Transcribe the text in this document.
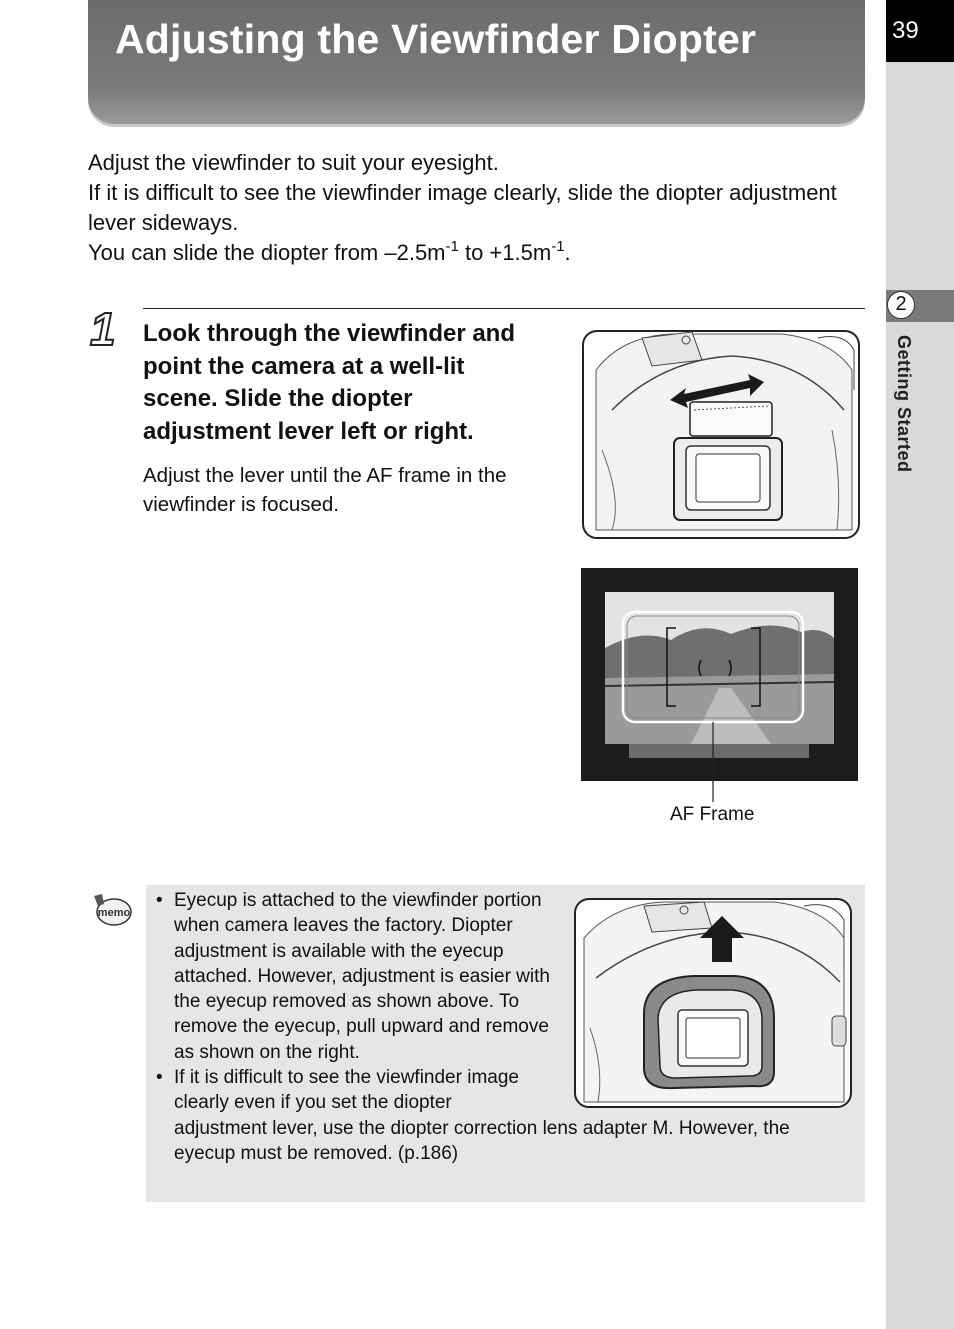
Adjusting the Viewfinder Diopter	39
2
Getting Started

Adjust the viewfinder to suit your eyesight.

If it is difficult to see the viewfinder image clearly, slide the diopter adjustment lever sideways.

You can slide the diopter from $-2.5m^{-1}$ to $+1.5m^{-1}$.

1 Look through the viewfinder and point the camera at a well-lit scene. Slide the diopter adjustment lever left or right.

Adjust the lever until the AF frame in the viewfinder is focused.

AF Frame
memo
• Eyecup is attached to the viewfinder portion when camera leaves the factory. Diopter adjustment is available with the eyecup attached. However, adjustment is easier with the eyecup removed as shown above. To remove the eyecup, pull upward and remove as shown on the right.
• If it is difficult to see the viewfinder image clearly even if you set the diopter
adjustment lever, use the diopter correction lens adapter M. However, the eyecup must be removed. (p.186)
